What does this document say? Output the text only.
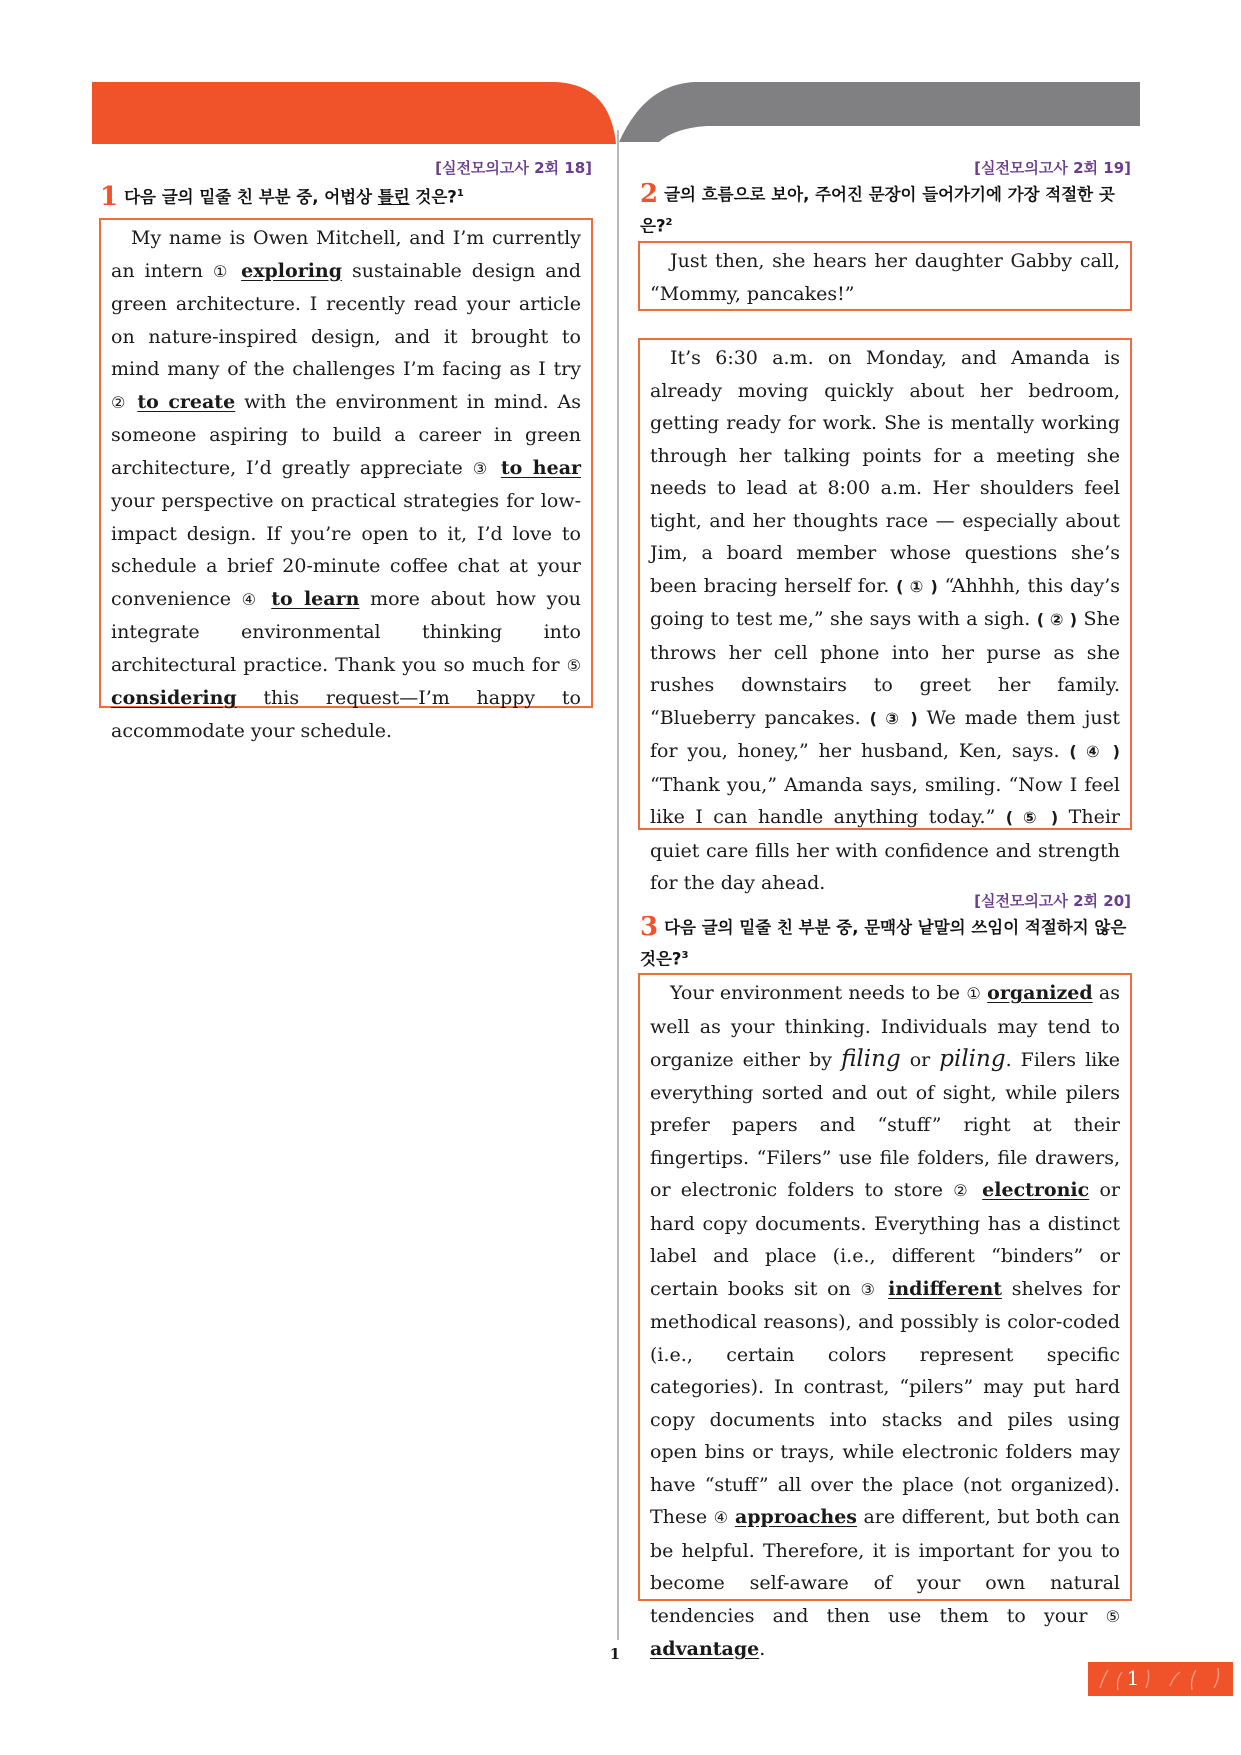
[실전모의고사 2회 18]
1 다음 글의 밑줄 친 부분 중, 어법상 틀린 것은?$^1$

My name is Owen Mitchell, and I’m currently an intern ① exploring sustainable design and green architecture. I recently read your article on nature-inspired design, and it brought to mind many of the challenges I’m facing as I try ② to create with the environment in mind. As someone aspiring to build a career in green architecture, I’d greatly appreciate ③ to hear your perspective on practical strategies for low-impact design. If you’re open to it, I’d love to schedule a brief 20-minute coffee chat at your convenience ④ to learn more about how you integrate environmental thinking into architectural practice. Thank you so much for ⑤ considering this request—I’m happy to accommodate your schedule.

[실전모의고사 2회 19]
2 글의 흐름으로 보아, 주어진 문장이 들어가기에 가장 적절한 곳은?$^2$

Just then, she hears her daughter Gabby call, “Mommy, pancakes!”

It’s 6:30 a.m. on Monday, and Amanda is already moving quickly about her bedroom, getting ready for work. She is mentally working through her talking points for a meeting she needs to lead at 8:00 a.m. Her shoulders feel tight, and her thoughts race — especially about Jim, a board member whose questions she’s been bracing herself for. ( ① ) “Ahhhh, this day’s going to test me,” she says with a sigh. ( ② ) She throws her cell phone into her purse as she rushes downstairs to greet her family. “Blueberry pancakes. ( ③ ) We made them just for you, honey,” her husband, Ken, says. ( ④ ) “Thank you,” Amanda says, smiling. “Now I feel like I can handle anything today.” ( ⑤ ) Their quiet care fills her with confidence and strength for the day ahead.

[실전모의고사 2회 20]
3 다음 글의 밑줄 친 부분 중, 문맥상 낱말의 쓰임이 적절하지 않은 것은?$^3$

Your environment needs to be ① organized as well as your thinking. Individuals may tend to organize either by filing or piling. Filers like everything sorted and out of sight, while pilers prefer papers and “stuff” right at their fingertips. “Filers” use file folders, file drawers, or electronic folders to store ② electronic or hard copy documents. Everything has a distinct label and place (i.e., different “binders” or certain books sit on ③ indifferent shelves for methodical reasons), and possibly is color-coded (i.e., certain colors represent specific categories). In contrast, “pilers” may put hard copy documents into stacks and piles using open bins or trays, while electronic folders may have “stuff” all over the place (not organized). These ④ approaches are different, but both can be helpful. Therefore, it is important for you to become self-aware of your own natural tendencies and then use them to your ⑤ advantage.

1
1
